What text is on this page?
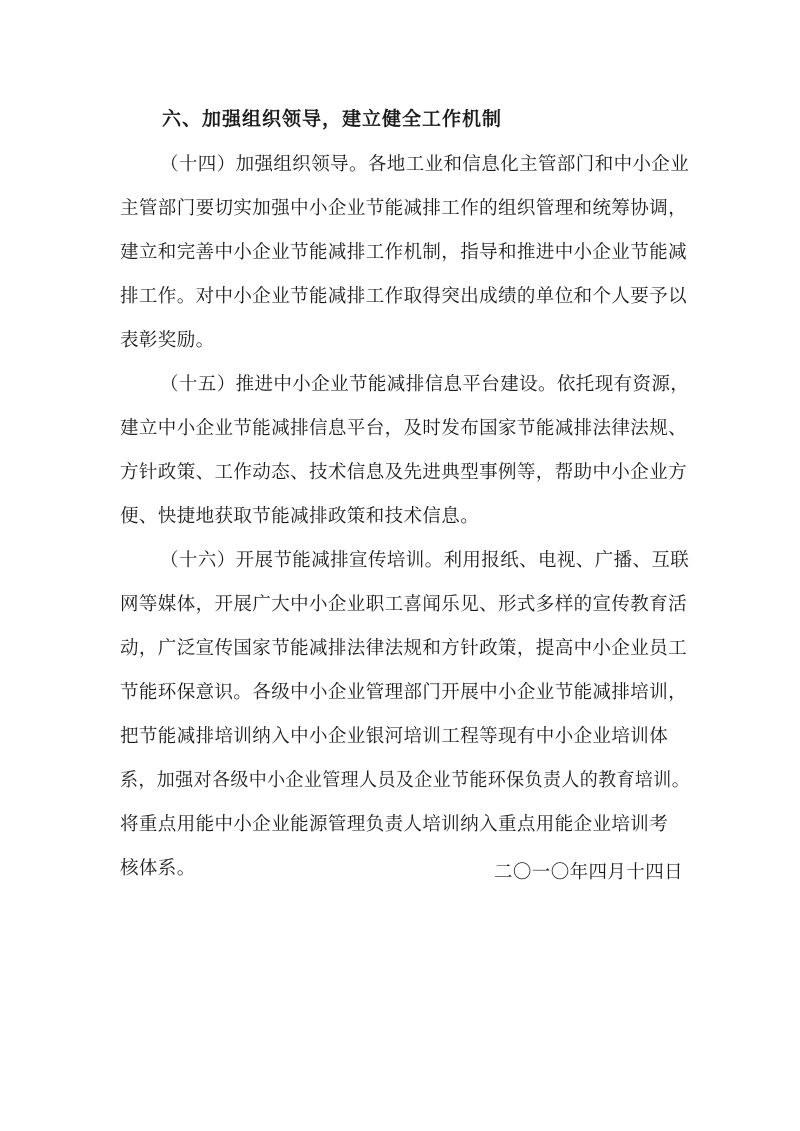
六、加强组织领导，建立健全工作机制
（十四）加强组织领导。各地工业和信息化主管部门和中小企业
主管部门要切实加强中小企业节能减排工作的组织管理和统筹协调，
建立和完善中小企业节能减排工作机制，指导和推进中小企业节能减
排工作。对中小企业节能减排工作取得突出成绩的单位和个人要予以
表彰奖励。
（十五）推进中小企业节能减排信息平台建设。依托现有资源，
建立中小企业节能减排信息平台，及时发布国家节能减排法律法规、
方针政策、工作动态、技术信息及先进典型事例等，帮助中小企业方
便、快捷地获取节能减排政策和技术信息。
（十六）开展节能减排宣传培训。利用报纸、电视、广播、互联
网等媒体，开展广大中小企业职工喜闻乐见、形式多样的宣传教育活
动，广泛宣传国家节能减排法律法规和方针政策，提高中小企业员工
节能环保意识。各级中小企业管理部门开展中小企业节能减排培训，
把节能减排培训纳入中小企业银河培训工程等现有中小企业培训体
系，加强对各级中小企业管理人员及企业节能环保负责人的教育培训。
将重点用能中小企业能源管理负责人培训纳入重点用能企业培训考
核体系。	二〇一〇年四月十四日
